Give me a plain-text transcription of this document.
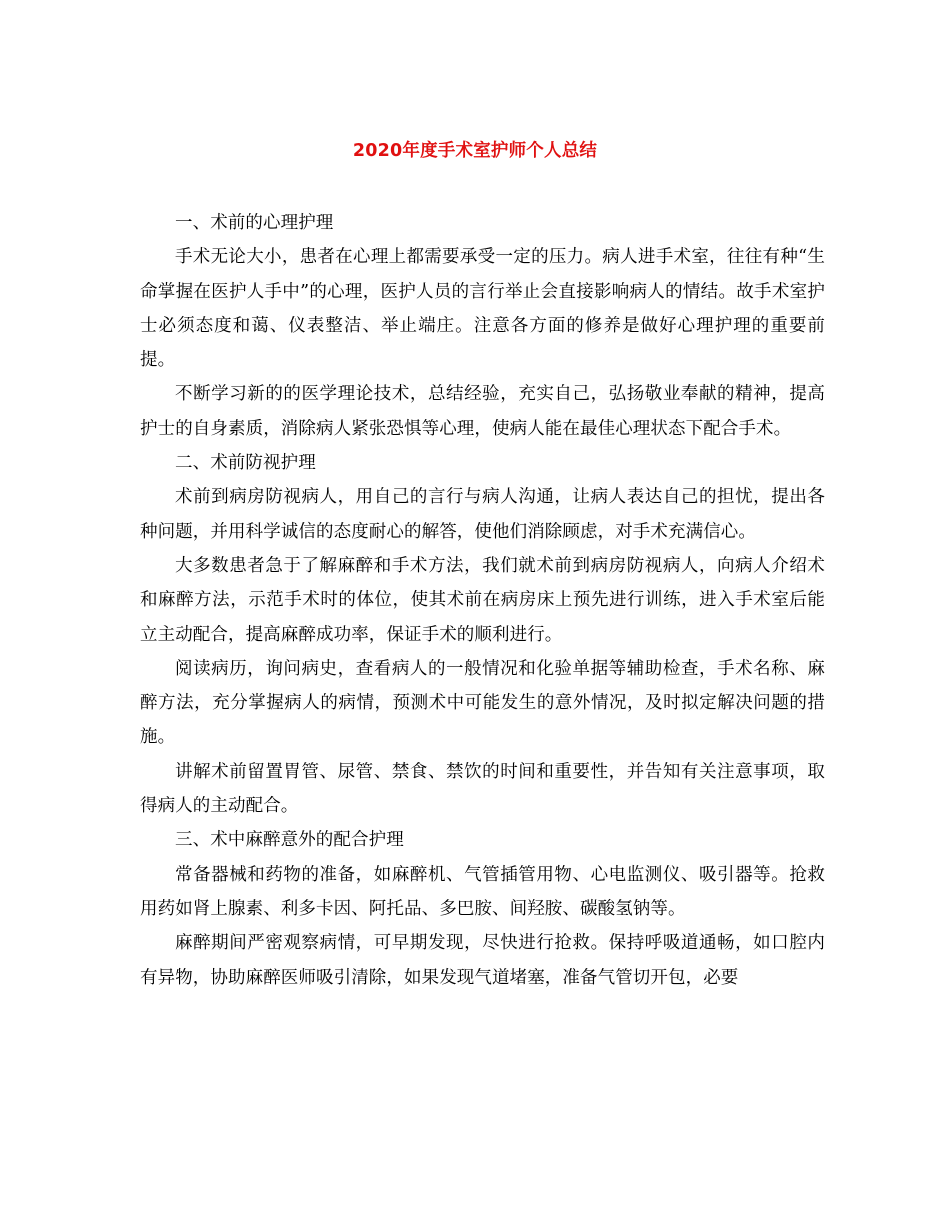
2020年度手术室护师个人总结

一、术前的心理护理

手术无论大小，患者在心理上都需要承受一定的压力。病人进手术室，往往有种“生命掌握在医护人手中”的心理，医护人员的言行举止会直接影响病人的情结。故手术室护士必须态度和蔼、仪表整洁、举止端庄。注意各方面的修养是做好心理护理的重要前提。

不断学习新的的医学理论技术，总结经验，充实自己，弘扬敬业奉献的精神，提高护士的自身素质，消除病人紧张恐惧等心理，使病人能在最佳心理状态下配合手术。

二、术前防视护理

术前到病房防视病人，用自己的言行与病人沟通，让病人表达自己的担忧，提出各种问题，并用科学诚信的态度耐心的解答，使他们消除顾虑，对手术充满信心。

大多数患者急于了解麻醉和手术方法，我们就术前到病房防视病人，向病人介绍术和麻醉方法，示范手术时的体位，使其术前在病房床上预先进行训练，进入手术室后能立主动配合，提高麻醉成功率，保证手术的顺利进行。

阅读病历，询问病史，查看病人的一般情况和化验单据等辅助检查，手术名称、麻醉方法，充分掌握病人的病情，预测术中可能发生的意外情况，及时拟定解决问题的措施。

讲解术前留置胃管、尿管、禁食、禁饮的时间和重要性，并告知有关注意事项，取得病人的主动配合。

三、术中麻醉意外的配合护理

常备器械和药物的准备，如麻醉机、气管插管用物、心电监测仪、吸引器等。抢救用药如肾上腺素、利多卡因、阿托品、多巴胺、间羟胺、碳酸氢钠等。

麻醉期间严密观察病情，可早期发现，尽快进行抢救。保持呼吸道通畅，如口腔内有异物，协助麻醉医师吸引清除，如果发现气道堵塞，准备气管切开包，必要
